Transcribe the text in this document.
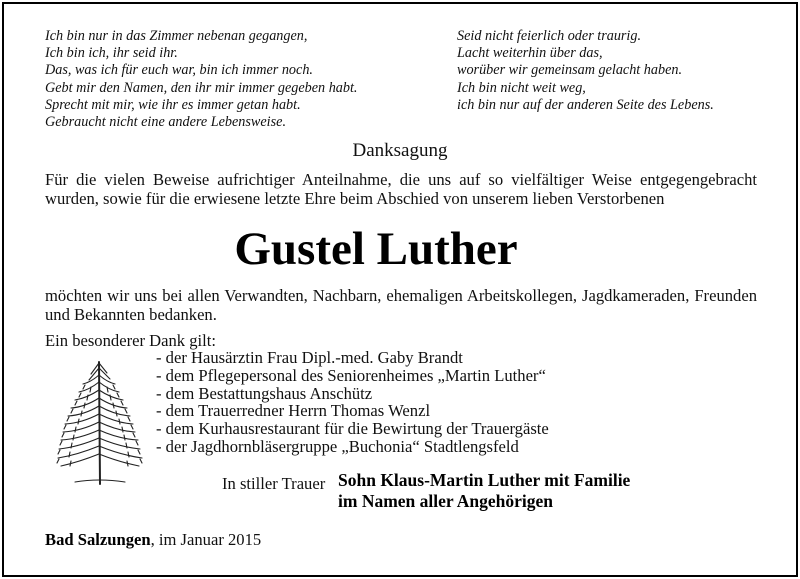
Ich bin nur in das Zimmer nebenan gegangen,
Ich bin ich, ihr seid ihr.
Das, was ich für euch war, bin ich immer noch.
Gebt mir den Namen, den ihr mir immer gegeben habt.
Sprecht mit mir, wie ihr es immer getan habt.
Gebraucht nicht eine andere Lebensweise.
Seid nicht feierlich oder traurig.
Lacht weiterhin über das,
worüber wir gemeinsam gelacht haben.
Ich bin nicht weit weg,
ich bin nur auf der anderen Seite des Lebens.
Danksagung
Für die vielen Beweise aufrichtiger Anteilnahme, die uns auf so vielfältiger Weise entgegengebracht wurden, sowie für die erwiesene letzte Ehre beim Abschied von unserem lieben Verstorbenen
Gustel Luther
möchten wir uns bei allen Verwandten, Nachbarn, ehemaligen Arbeitskollegen, Jagdkameraden, Freunden und Bekannten bedanken.
Ein besonderer Dank gilt:
- der Hausärztin Frau Dipl.-med. Gaby Brandt
- dem Pflegepersonal des Seniorenheimes „Martin Luther“
- dem Bestattungshaus Anschütz
- dem Trauerredner Herrn Thomas Wenzl
- dem Kurhausrestaurant für die Bewirtung der Trauergäste
- der Jagdhornbläsergruppe „Buchonia“ Stadtlengsfeld
In stiller Trauer Sohn Klaus-Martin Luther mit Familie
im Namen aller Angehörigen
Bad Salzungen, im Januar 2015
